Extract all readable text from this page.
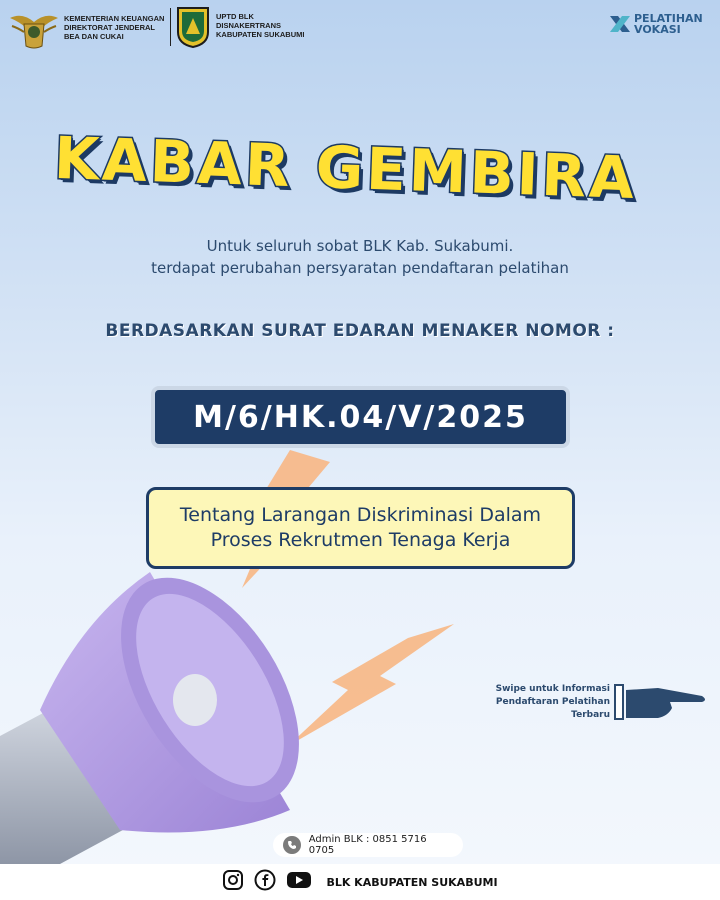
KEMENTERIAN KEUANGAN
DIREKTORAT JENDERAL
BEA DAN CUKAI
UPTD BLK
DISNAKERTRANS
KABUPATEN SUKABUMI
PELATIHAN
VOKASI
KABAR GEMBIRA
Untuk seluruh sobat BLK Kab. Sukabumi.
terdapat perubahan persyaratan pendaftaran pelatihan
BERDASARKAN SURAT EDARAN MENAKER NOMOR :
M/6/HK.04/V/2025
Tentang Larangan Diskriminasi Dalam
Proses Rekrutmen Tenaga Kerja
Swipe untuk Informasi
Pendaftaran Pelatihan
Terbaru
Admin BLK : 0851 5716 0705
BLK KABUPATEN SUKABUMI
